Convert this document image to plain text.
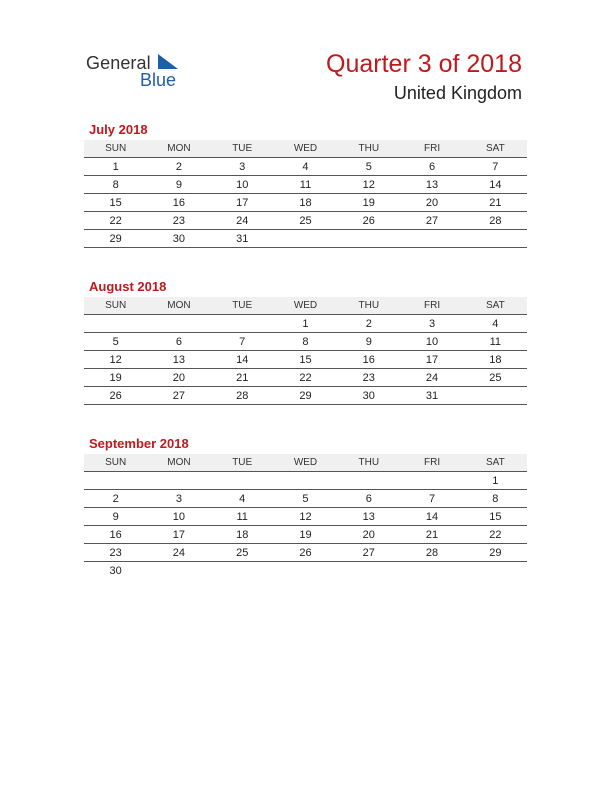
General
Blue
Quarter 3 of 2018
United Kingdom
July 2018
SUN	MON	TUE	WED	THU	FRI	SAT
1	2	3	4	5	6	7
8	9	10	11	12	13	14
15	16	17	18	19	20	21
22	23	24	25	26	27	28
29	30	31				
August 2018
SUN	MON	TUE	WED	THU	FRI	SAT
			1	2	3	4
5	6	7	8	9	10	11
12	13	14	15	16	17	18
19	20	21	22	23	24	25
26	27	28	29	30	31	
September 2018
SUN	MON	TUE	WED	THU	FRI	SAT
						1
2	3	4	5	6	7	8
9	10	11	12	13	14	15
16	17	18	19	20	21	22
23	24	25	26	27	28	29
30						
